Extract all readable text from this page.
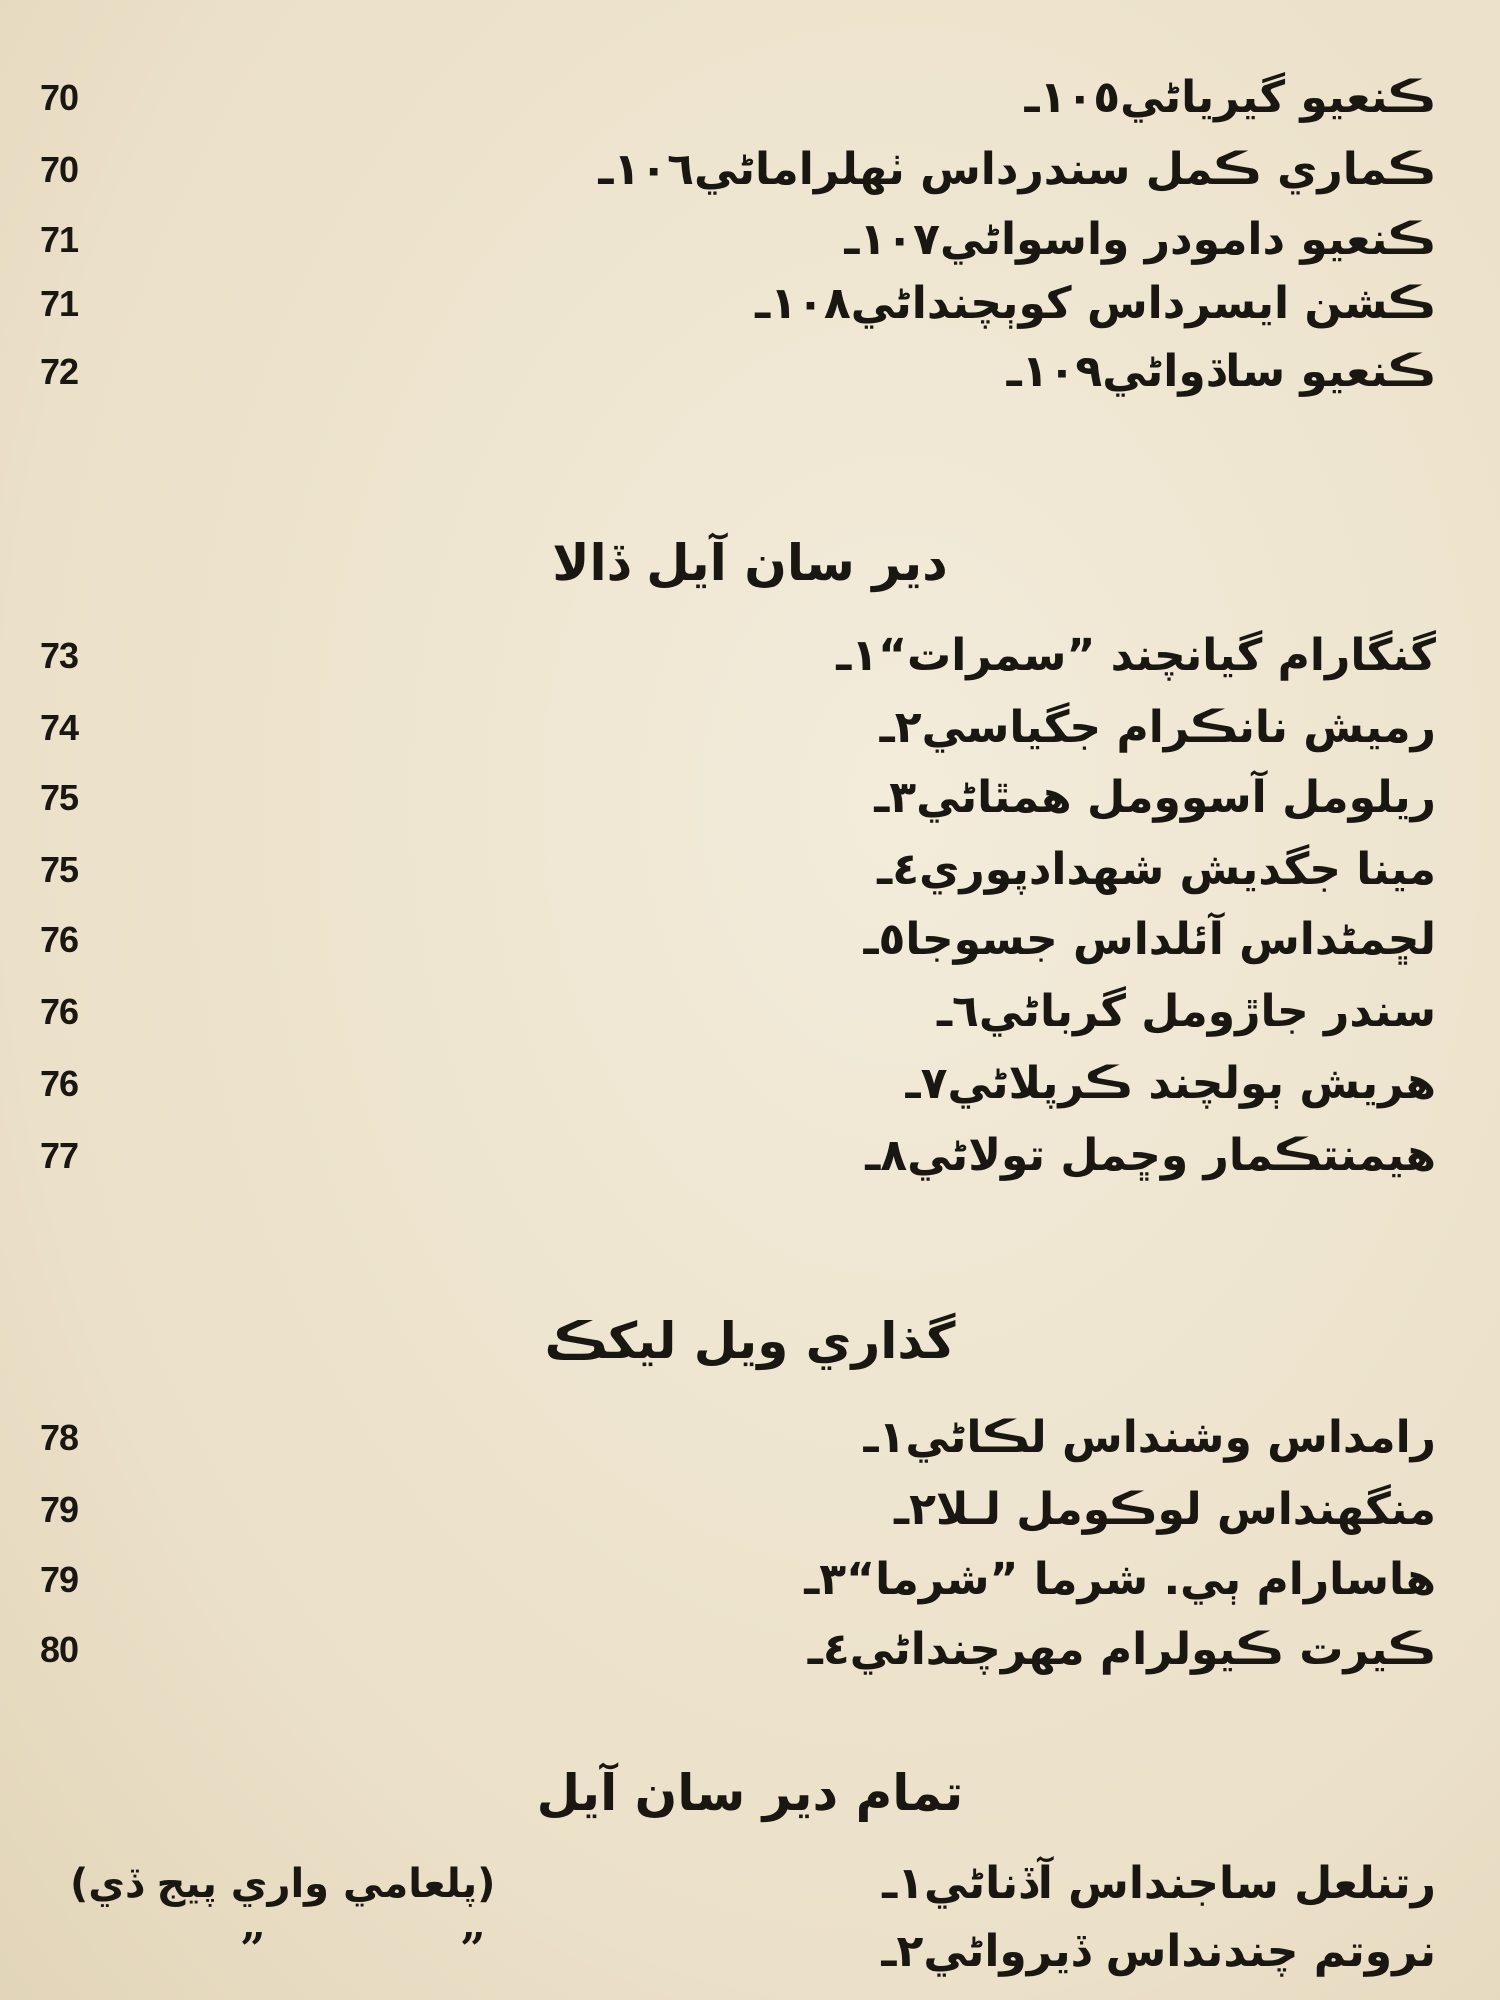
70	١٠٥ـڪنعيو گيرياڻي
70	١٠٦ـڪماري ڪمل سندرداس ٺهلراماڻي
71	١٠٧ـڪنعيو دامودر واسواڻي
71	١٠٨ـڪشن ايسرداس کوٻچنداڻي
72	١٠٩ـڪنعيو ساڌواڻي
دير سان آيل ڏالا
73	١ـگنگارام گيانچند ”سمرات“
74	٢ـرميش نانڪرام جگياسي
75	٣ـريلومل آسوومل همٿاڻي
75	٤ـمينا جگديش شهدادپوري
76	٥ـلڇمڻداس آئلداس جسوجا
76	٦ـسندر جاڙومل گرباڻي
76	٧ـهريش ٻولچند ڪرپلاڻي
77	٨ـهيمنتڪمار وڇمل تولاڻي
گذاري ويل ليکڪ
78	١ـرامداس وشنداس لڪاڻي
79	٢ـمنگھنداس لوڪومل لـلا
79	٣ـهاسارام ٻي. شرما ”شرما“
80	٤ـڪيرت ڪيولرام مهرچنداڻي
تمام دير سان آيل
(پلعامي واري پيج ڏي)	١ـرتنلعل ساجنداس آڏناڻي
”	”	٢ـنروتم چندنداس ڏيرواڻي
